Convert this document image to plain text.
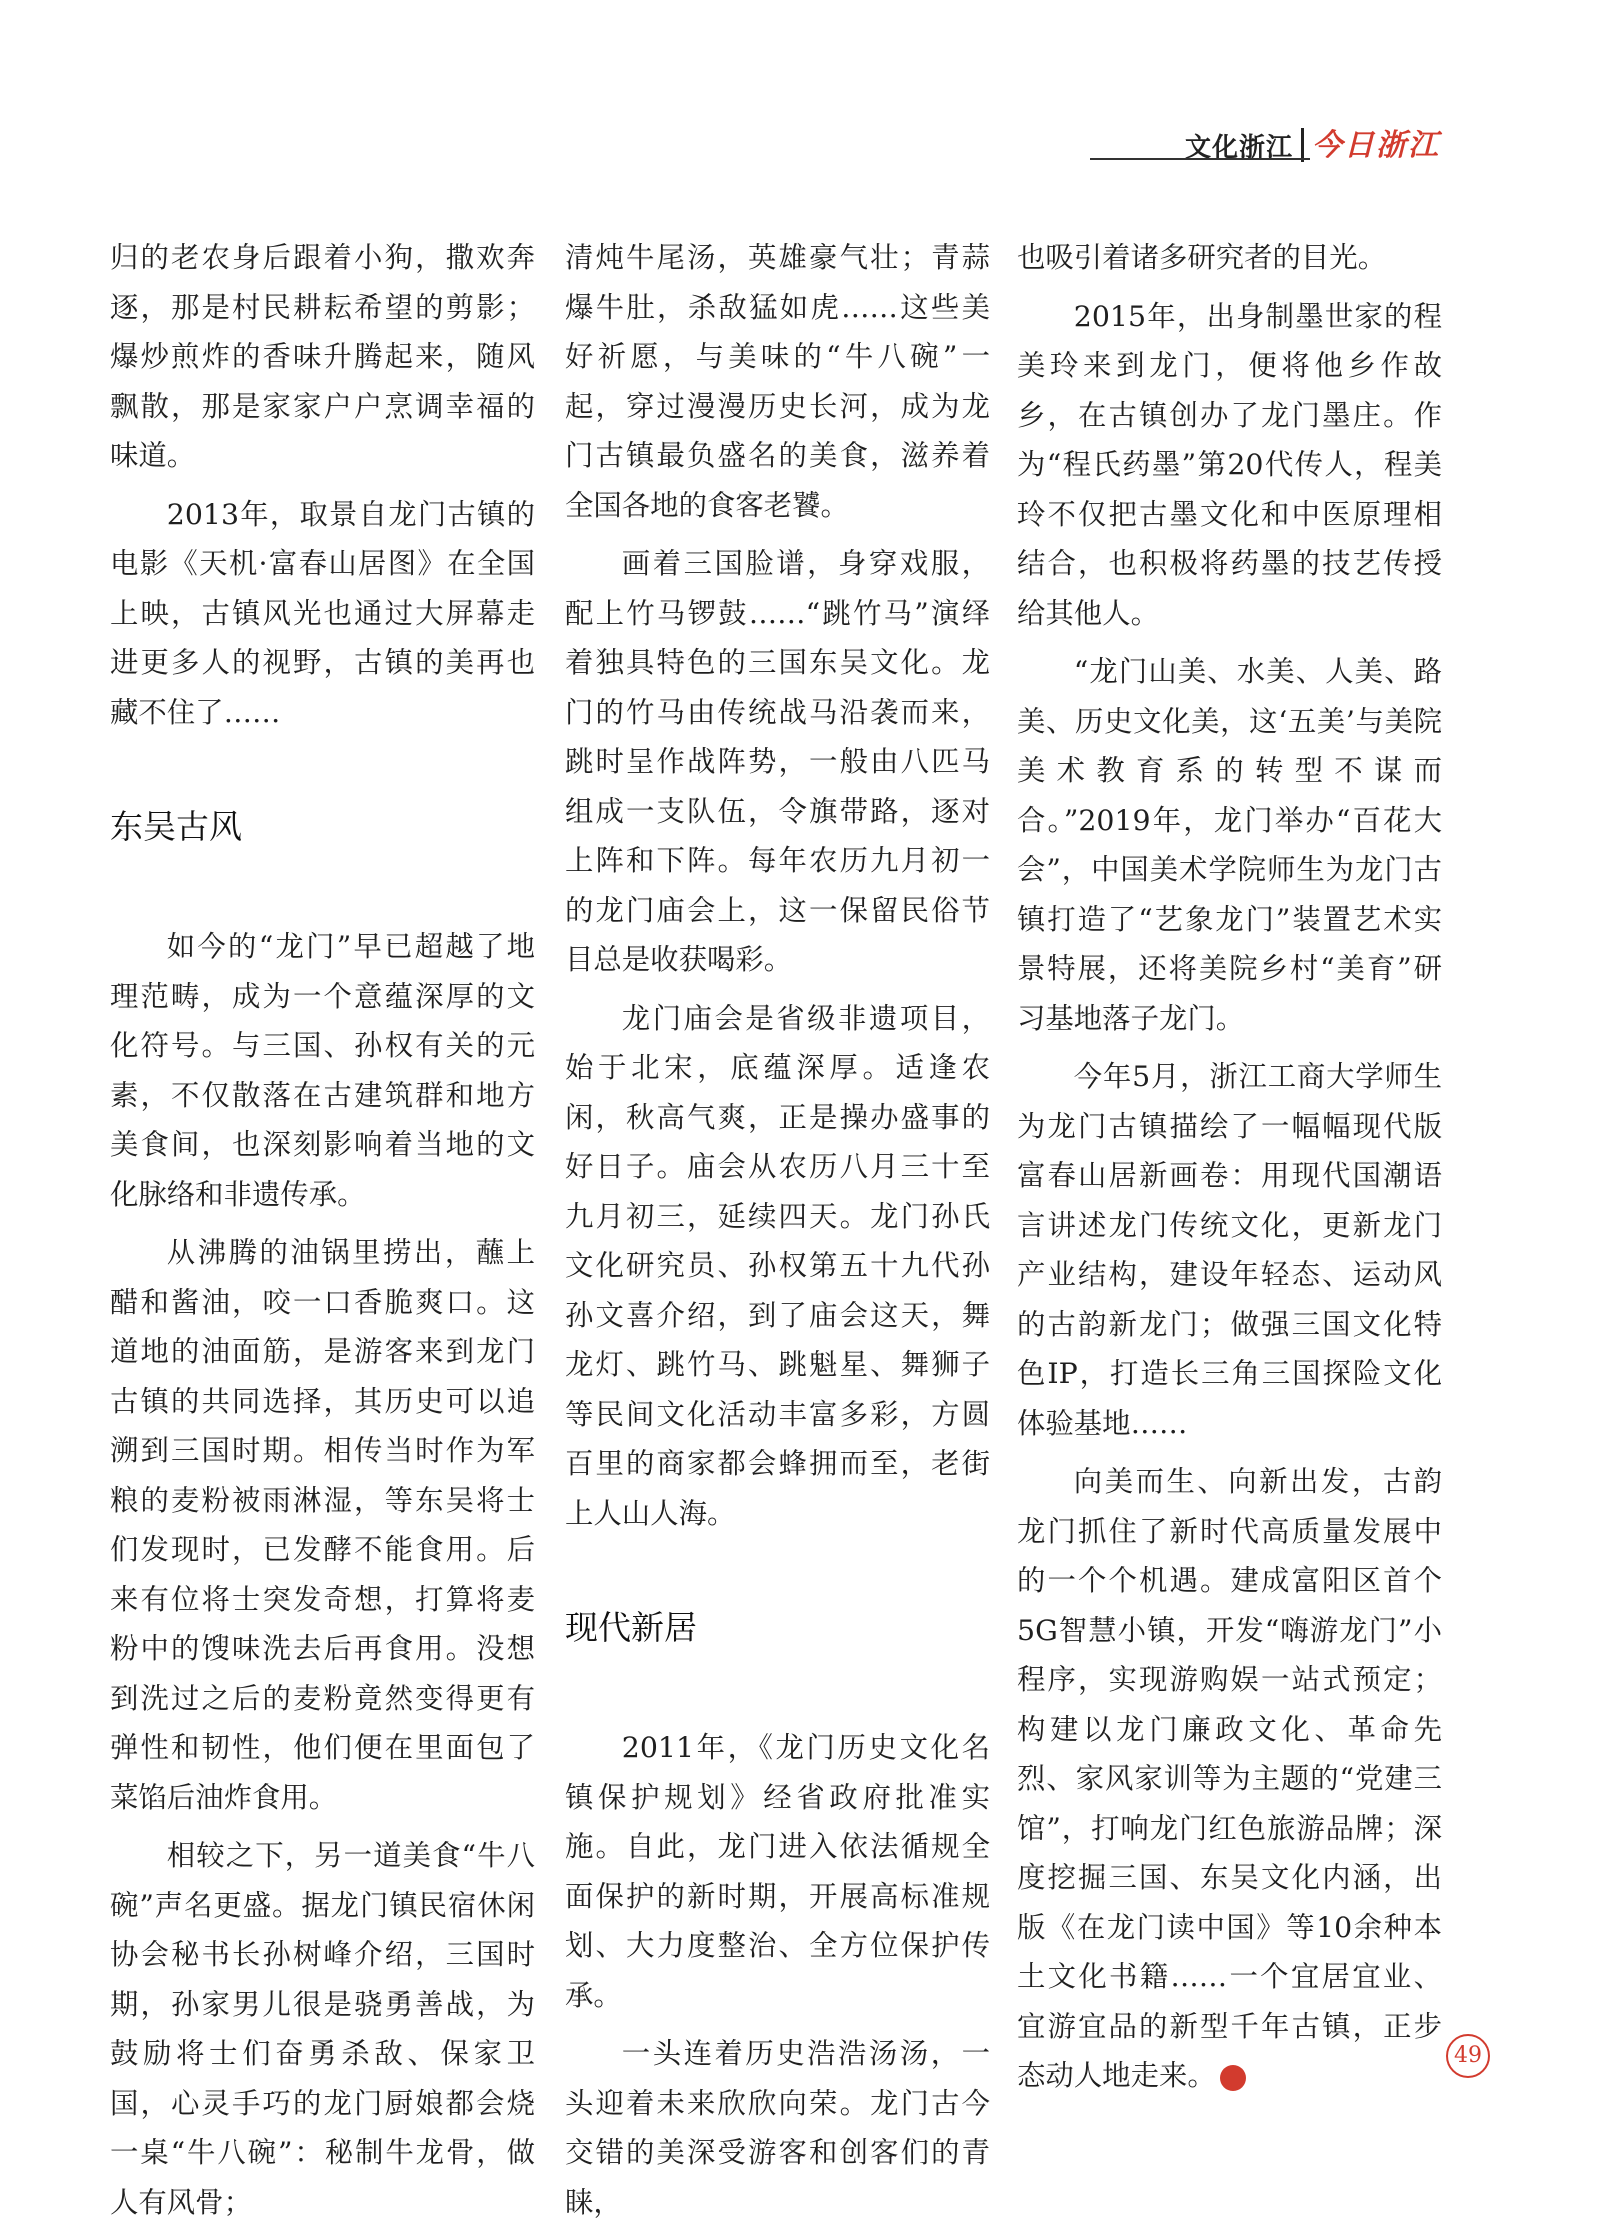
文化浙江 今日浙江

归的老农身后跟着小狗，撒欢奔逐，那是村民耕耘希望的剪影；爆炒煎炸的香味升腾起来，随风飘散，那是家家户户烹调幸福的味道。

2013年，取景自龙门古镇的电影《天机·富春山居图》在全国上映，古镇风光也通过大屏幕走进更多人的视野，古镇的美再也藏不住了……

东吴古风

如今的“龙门”早已超越了地理范畴，成为一个意蕴深厚的文化符号。与三国、孙权有关的元素，不仅散落在古建筑群和地方美食间，也深刻影响着当地的文化脉络和非遗传承。

从沸腾的油锅里捞出，蘸上醋和酱油，咬一口香脆爽口。这道地的油面筋，是游客来到龙门古镇的共同选择，其历史可以追溯到三国时期。相传当时作为军粮的麦粉被雨淋湿，等东吴将士们发现时，已发酵不能食用。后来有位将士突发奇想，打算将麦粉中的馊味洗去后再食用。没想到洗过之后的麦粉竟然变得更有弹性和韧性，他们便在里面包了菜馅后油炸食用。

相较之下，另一道美食“牛八碗”声名更盛。据龙门镇民宿休闲协会秘书长孙树峰介绍，三国时期，孙家男儿很是骁勇善战，为鼓励将士们奋勇杀敌、保家卫国，心灵手巧的龙门厨娘都会烧一桌“牛八碗”：秘制牛龙骨，做人有风骨；

清炖牛尾汤，英雄豪气壮；青蒜爆牛肚，杀敌猛如虎……这些美好祈愿，与美味的“牛八碗”一起，穿过漫漫历史长河，成为龙门古镇最负盛名的美食，滋养着全国各地的食客老饕。

画着三国脸谱，身穿戏服，配上竹马锣鼓……“跳竹马”演绎着独具特色的三国东吴文化。龙门的竹马由传统战马沿袭而来，跳时呈作战阵势，一般由八匹马组成一支队伍，令旗带路，逐对上阵和下阵。每年农历九月初一的龙门庙会上，这一保留民俗节目总是收获喝彩。

龙门庙会是省级非遗项目，始于北宋，底蕴深厚。适逢农闲，秋高气爽，正是操办盛事的好日子。庙会从农历八月三十至九月初三，延续四天。龙门孙氏文化研究员、孙权第五十九代孙孙文喜介绍，到了庙会这天，舞龙灯、跳竹马、跳魁星、舞狮子等民间文化活动丰富多彩，方圆百里的商家都会蜂拥而至，老街上人山人海。

现代新居

2011年，《龙门历史文化名镇保护规划》经省政府批准实施。自此，龙门进入依法循规全面保护的新时期，开展高标准规划、大力度整治、全方位保护传承。

一头连着历史浩浩汤汤，一头迎着未来欣欣向荣。龙门古今交错的美深受游客和创客们的青睐，

也吸引着诸多研究者的目光。

2015年，出身制墨世家的程美玲来到龙门，便将他乡作故乡，在古镇创办了龙门墨庄。作为“程氏药墨”第20代传人，程美玲不仅把古墨文化和中医原理相结合，也积极将药墨的技艺传授给其他人。

“龙门山美、水美、人美、路美、历史文化美，这‘五美’与美院美术教育系的转型不谋而合。”2019年，龙门举办“百花大会”，中国美术学院师生为龙门古镇打造了“艺象龙门”装置艺术实景特展，还将美院乡村“美育”研习基地落子龙门。

今年5月，浙江工商大学师生为龙门古镇描绘了一幅幅现代版富春山居新画卷：用现代国潮语言讲述龙门传统文化，更新龙门产业结构，建设年轻态、运动风的古韵新龙门；做强三国文化特色IP，打造长三角三国探险文化体验基地……

向美而生、向新出发，古韵龙门抓住了新时代高质量发展中的一个个机遇。建成富阳区首个5G智慧小镇，开发“嗨游龙门”小程序，实现游购娱一站式预定；构建以龙门廉政文化、革命先烈、家风家训等为主题的“党建三馆”，打响龙门红色旅游品牌；深度挖掘三国、东吴文化内涵，出版《在龙门读中国》等10余种本土文化书籍……一个宜居宜业、宜游宜品的新型千年古镇，正步态动人地走来。	今

49
